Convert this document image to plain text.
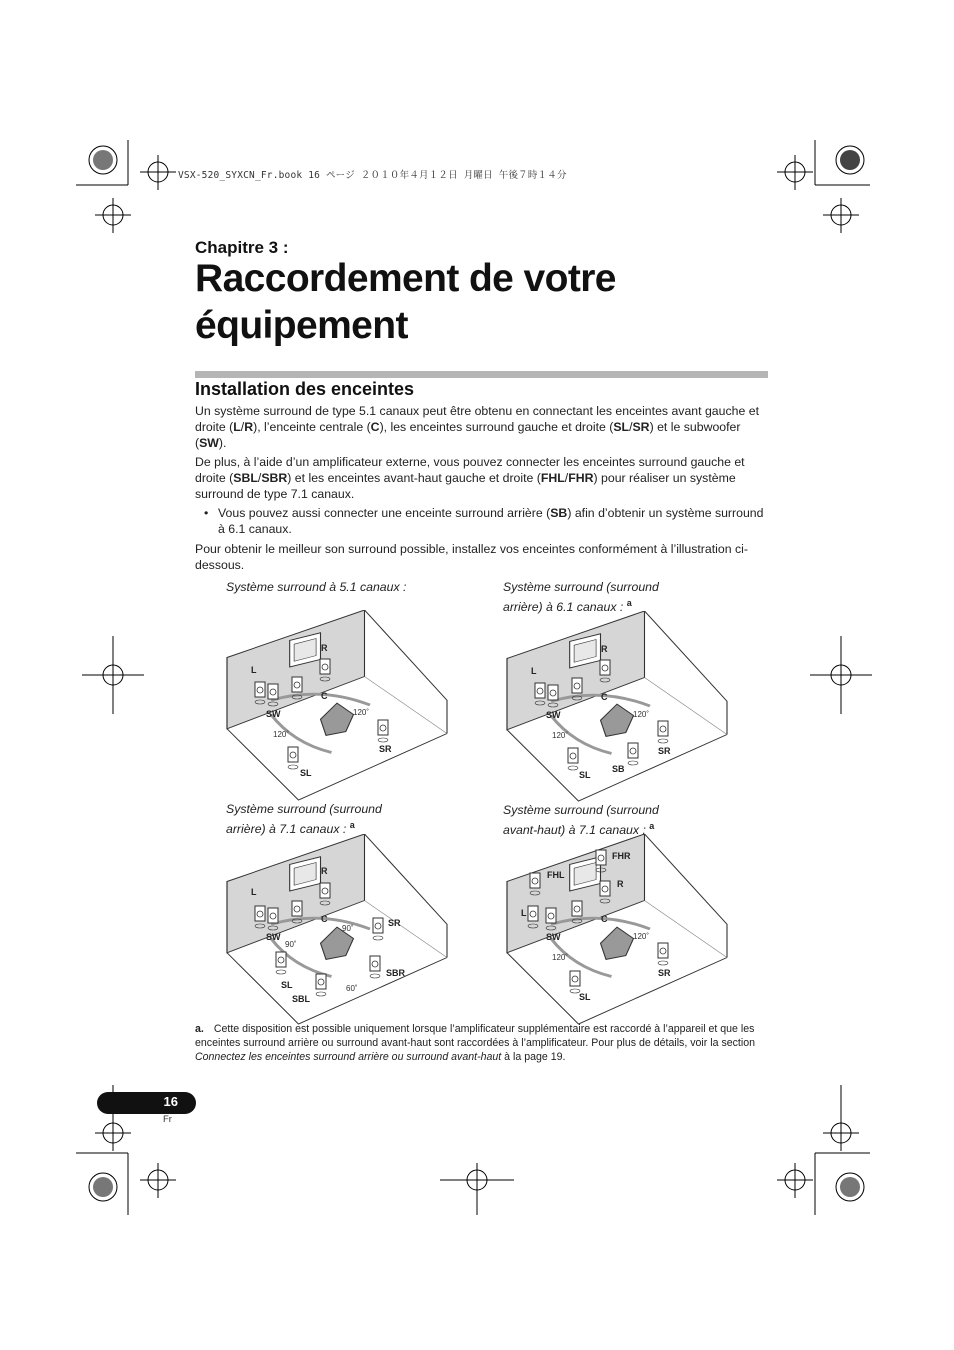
VSX-520_SYXCN_Fr.book 16 ページ ２０１０年４月１２日 月曜日 午後７時１４分
Chapitre 3 :
Raccordement de votre
équipement
Installation des enceintes
Un système surround de type 5.1 canaux peut être obtenu en connectant les enceintes avant gauche et droite (L/R), l’enceinte centrale (C), les enceintes surround gauche et droite (SL/SR) et le subwoofer (SW).
De plus, à l’aide d’un amplificateur externe, vous pouvez connecter les enceintes surround gauche et droite (SBL/SBR) et les enceintes avant-haut gauche et droite (FHL/FHR) pour réaliser un système surround de type 7.1 canaux.
• Vous pouvez aussi connecter une enceinte surround arrière (SB) afin d’obtenir un système surround à 6.1 canaux.
Pour obtenir le meilleur son surround possible, installez vos enceintes conformément à l’illustration ci-dessous.
Système surround à 5.1 canaux :	Système surround (surround
arrière) à 6.1 canaux : $^a$
Système surround (surround
arrière) à 7.1 canaux : $^a$
Système surround (surround
avant-haut) à 7.1 canaux : $^a$
L
R
C
SW
SR
SL
120˚
120˚
L
R
C
SW
SR
SB
SL
120˚
120˚
L
R
C
SW
SR
SL
SBR
SBL
90˚
90˚
60˚
FHL
FHR
R
L
C
SW
SR
SL
120˚
120˚
a. Cette disposition est possible uniquement lorsque l’amplificateur supplémentaire est raccordé à l’appareil et que les enceintes surround arrière ou surround avant-haut sont raccordées à l’amplificateur. Pour plus de détails, voir la section Connectez les enceintes surround arrière ou surround avant-haut à la page 19.
16
Fr
